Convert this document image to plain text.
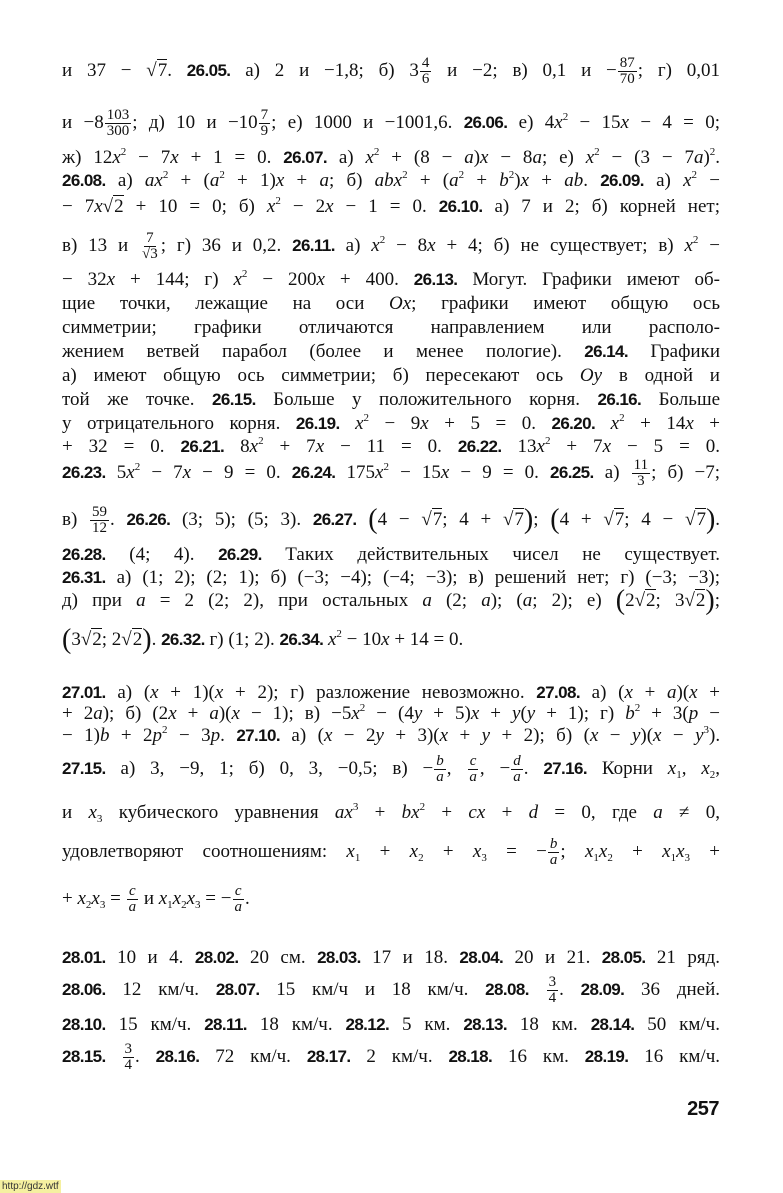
и 37 − √7. 26.05. а) 2 и −1,8; б) $3 \frac{4}{6}$ и −2; в) 0,1 $и - \frac{87}{70}$ ; г) 0,01
$и -8 \frac{103}{300}$ ; д) 10 $и -10 \frac{7}{9}$ ; е) 1000 и −1001,6. 26.06. е) $4x^2 - 15x - 4 = 0$;
ж) $12x^2 - 7x + 1 = 0$. 26.07. а) $x^2 + (8 - a)x - 8a$; е) $x^2 - (3 - 7a)^2$.
26.08. а) $ax^2 + (a^2 + 1)x + a$; б) $abx^2 + (a^2 + b^2)x$ + ab. 26.09. а) $x^2$ −
− 7x√2 + 10 = 0; б) $x^2 - 2x - 1 = 0$. 26.10. а) 7 и 2; б) корней нет;
в) 13 и $\frac{7}{√3}$ ; г) 36 и 0,2. 26.11. а) $x^2 - 8x + 4$; б) не существует; в) $x^2$ −
− 32x + 144; г) $x^2 - 200x + 400$. 26.13. Могут. Графики имеют об-
щие точки, лежащие на оси Ox; графики имеют общую ось
симметрии; графики отличаются направлением или располо-
жением ветвей парабол (более и менее пологие). 26.14. Графики
а) имеют общую ось симметрии; б) пересекают ось Oy в одной и
той же точке. 26.15. Больше у положительного корня. 26.16. Больше
у отрицательного корня. 26.19. $x^2 - 9x + 5 = 0$. 26.20. $x^2 + 14x$ +
+ 32 = 0. 26.21. $8x^2 + 7x - 11 = 0$. 26.22. $13x^2 + 7x - 5 = 0$.
26.23. $5x^2 - 7x - 9 = 0$. 26.24. $175x^2 - 15x - 9 = 0$. 26.25. $а) \frac{11}{3}$ ; б) −7;
$в) \frac{59}{12}$ . 26.26. (3; 5); (5; 3). 26.27. (4 − √7; 4 + √7); (4 + √7; 4 − √7).
26.28. (4; 4). 26.29. Таких действительных чисел не существует.
26.31. а) (1; 2); (2; 1); б) (−3; −4); (−4; −3); в) решений нет; г) (−3; −3);
д) при a = 2 (2; 2), при остальных a (2; a); (a; 2); е) (2√2; 3√2);
(3√2; 2√2). 26.32. г) (1; 2). 26.34. $x^2 - 10x + 14 = 0$.
27.01. а) (x + 1)(x + 2); г) разложение невозможно. 27.08. а) (x + a)(x +
+ 2a); б) (2x + a)(x − 1); $в) -5x^2 - (4y + 5)x + y(y + 1)$; г) $b^2 + 3(p$ −
− $1)b + 2p^2 - 3p$. 27.10. а) (x − 2y + 3)(x + y + 2); б) $(x - y)(x - y^3)$.
27.15. а) 3, −9, 1; б) 0, 3, −0,5; $в) - \frac{b}{a}$ , $\frac{c}{a}$ , − $\frac{d}{a}$ . 27.16. Корни $x_1$, $x_2$,
и $x_3$ кубического уравнения $ax^3 + bx^2$ + cx + d = 0, где a ≠ 0,
удовлетворяют соотношениям: $x_1 + x_2 + x_3$ = − $\frac{b}{a}$ ; $x_1x_2 + x_1x_3$ +
+ $x_2x_3 = \frac{c}{a}$ и $x_1x_2x_3$ = − $\frac{c}{a}$ .
28.01. 10 и 4. 28.02. 20 см. 28.03. 17 и 18. 28.04. 20 и 21. 28.05. 21 ряд.
28.06. 12 км/ч. 28.07. 15 км/ч и 18 км/ч. 28.08. $\frac{3}{4}$ . 28.09. 36 дней.
28.10. 15 км/ч. 28.11. 18 км/ч. 28.12. 5 км. 28.13. 18 км. 28.14. 50 км/ч.
28.15. $\frac{3}{4}$ . 28.16. 72 км/ч. 28.17. 2 км/ч. 28.18. 16 км. 28.19. 16 км/ч.
257
http://gdz.wtf
